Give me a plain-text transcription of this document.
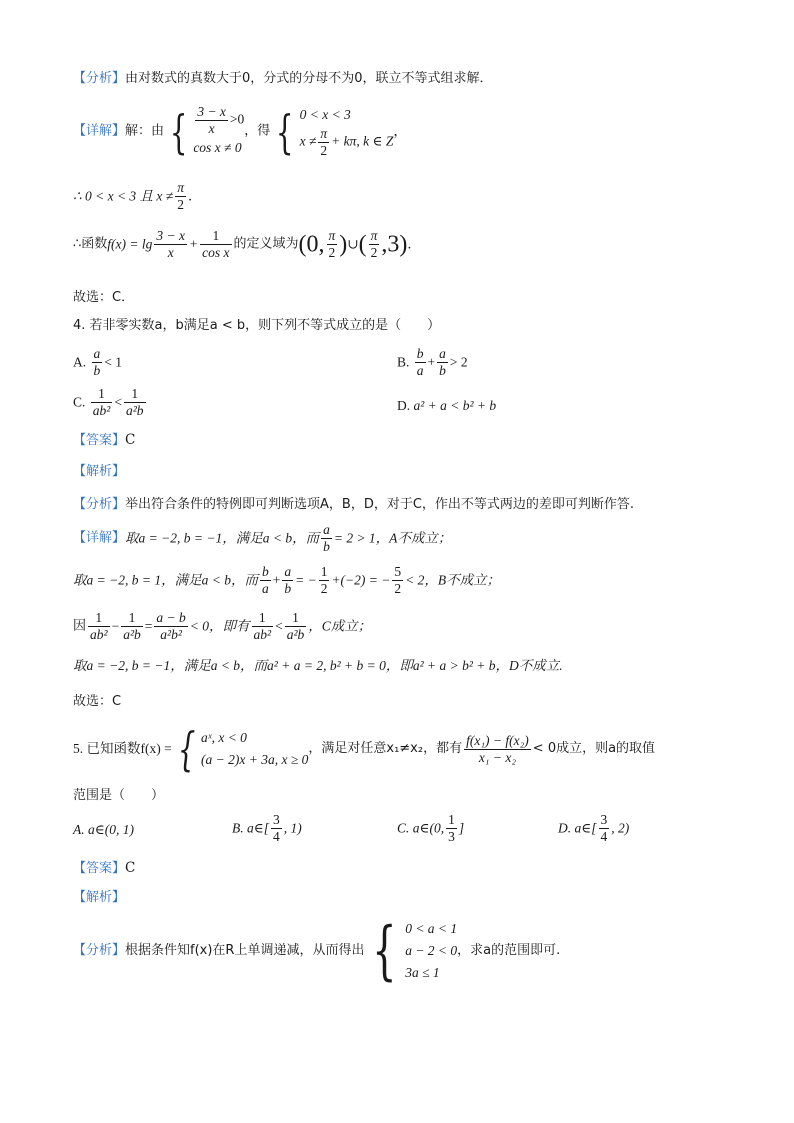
【分析】由对数式的真数大于0，分式的分母不为0，联立不等式组求解．
【详解】解：由 { $\frac{3 - x}{x} >0$
cos x ≠ 0
，得 { 0 < x < 3
$x \ne \frac{\pi}{2} + k\pi$, k ∈ Z
，
∴ 0 < x < 3 且 $x \ne \frac{\pi}{2}$ ．
∴函数$f(x) = \lg \frac{3 - x}{x} + \frac{1}{\text{cos x}}$ 的定义域为(0, $\frac{\pi}{2}$ )∪( $\frac{\pi}{2} ,3$)．
故选：C．
4. 若非零实数a，b满足a < b，则下列不等式成立的是（　　）
A. $\frac{a}{b} < 1$	B. $\frac{b}{a} + \frac{a}{b} > 2$
C. $\frac{1}{\text{ab²}} < \frac{1}{\text{a²b}}$	D. a² + a < b² + b
【答案】C
【解析】
【分析】举出符合条件的特例即可判断选项A，B，D，对于C，作出不等式两边的差即可判断作答.
【详解】取a = −2, b = −1，满足a < b，而 $\frac{a}{b} = 2 > 1$，A不成立；
取a = −2, b = 1，满足a < b，而 $\frac{b}{a} + \frac{a}{b}$ = − $\frac{1}{2} +(-2)$ = − $\frac{5}{2} < 2$，B不成立；
因 $\frac{1}{\text{ab²}} - \frac{1}{\text{a²b}} = \frac{a - b}{\text{a²b²}} < 0$，即有 $\frac{1}{\text{ab²}} < \frac{1}{\text{a²b}}$ ，C成立；
取a = −2, b = −1，满足a < b，而a² + a = 2, b² + b = 0，即a² + a > b² + b，D不成立.
故选：C
5. 已知函数f(x) = { aˣ, x < 0
(a − 2)x + 3a, x ≥ 0
，满足对任意x₁≠x₂，都有 $\frac{\text{f(x₁) − f(x₂)}}{\text{x₁ − x₂}} < 0$成立，则a的取值
范围是（　　）
A. a∈(0, 1)	B. a∈[ $\frac{3}{4}$ , 1)	C. a∈(0, $\frac{1}{3}$ ]	D. a∈[ $\frac{3}{4}$ , 2)
【答案】C
【解析】
【分析】根据条件知f(x)在R上单调递减，从而得出 { 0 < a < 1
a − 2 < 0
3a ≤ 1
，求a的范围即可.
